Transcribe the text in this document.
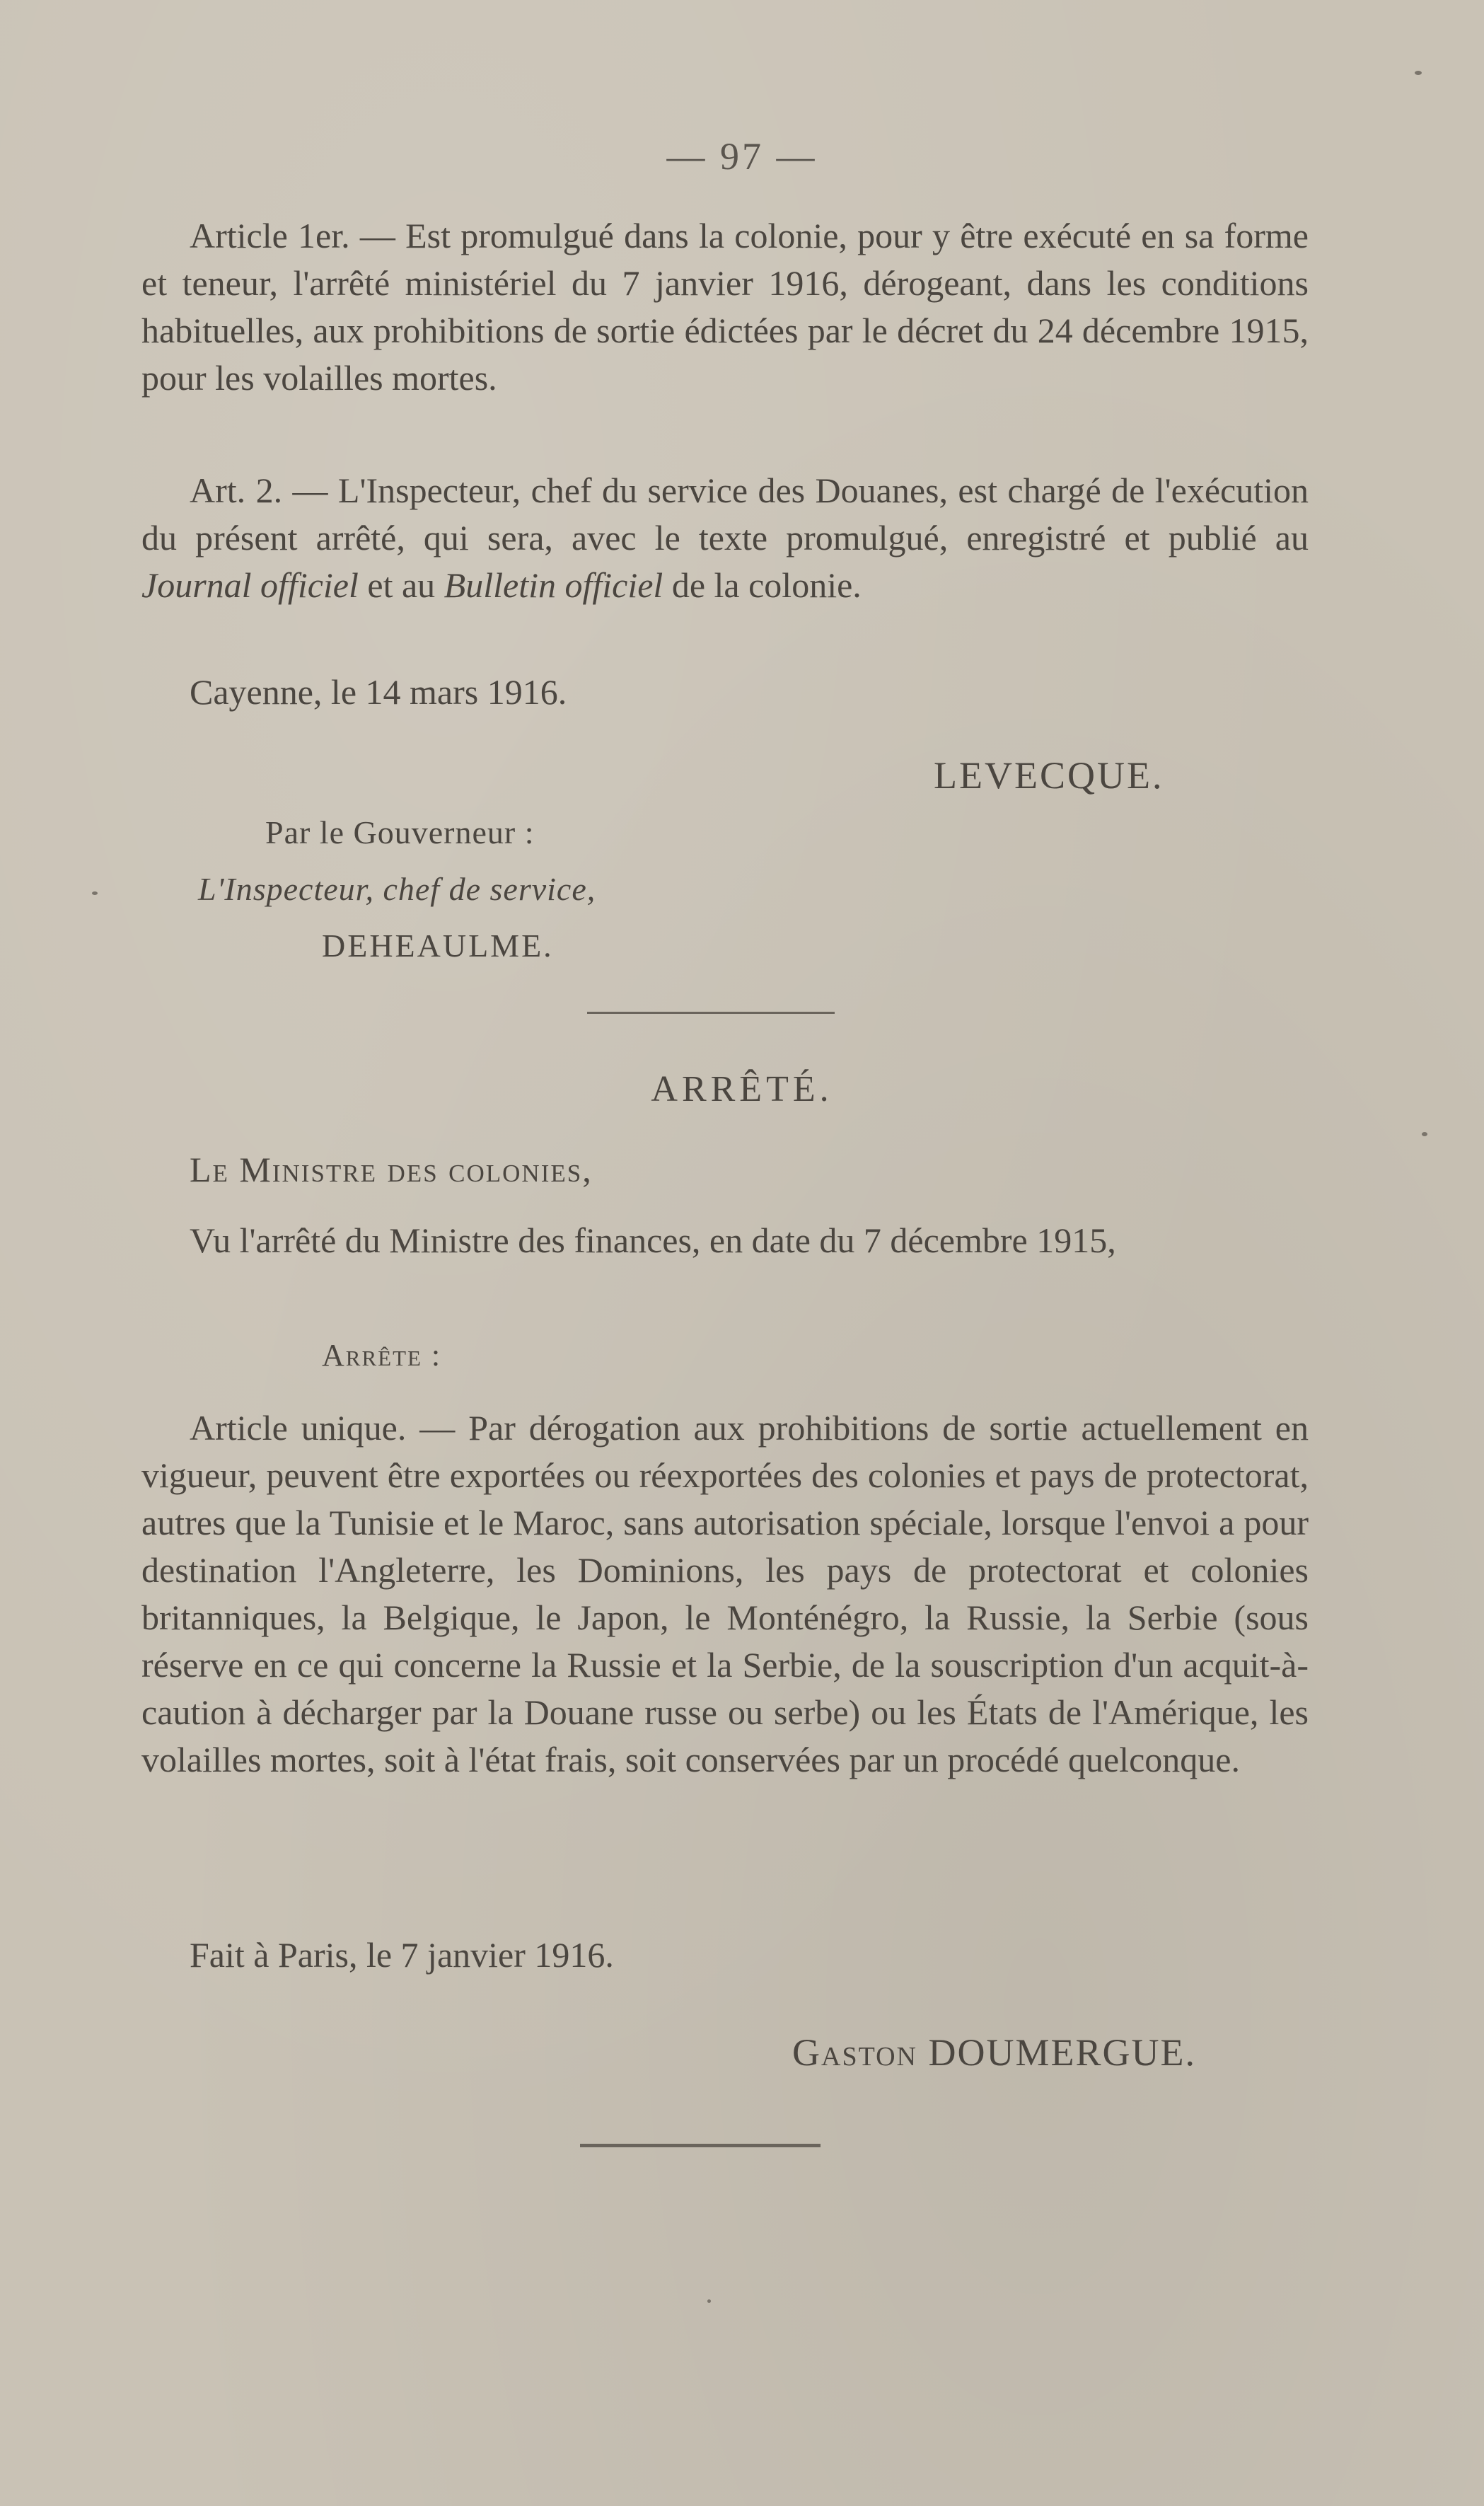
— 97 —

Article 1er. — Est promulgué dans la colonie, pour y être exécuté en sa forme et teneur, l'arrêté ministériel du 7 janvier 1916, dérogeant, dans les conditions habituelles, aux prohibitions de sortie édictées par le décret du 24 décembre 1915, pour les volailles mortes.

Art. 2. — L'Inspecteur, chef du service des Douanes, est chargé de l'exécution du présent arrêté, qui sera, avec le texte promulgué, enregistré et publié au Journal officiel et au Bulletin officiel de la colonie.

Cayenne, le 14 mars 1916.

LEVECQUE.
Par le Gouverneur :
L'Inspecteur, chef de service,
DEHEAULME.
ARRÊTÉ.

Le Ministre des colonies,

Vu l'arrêté du Ministre des finances, en date du 7 décembre 1915,

Arrête :

Article unique. — Par dérogation aux prohibitions de sortie actuellement en vigueur, peuvent être exportées ou réexportées des colonies et pays de protectorat, autres que la Tunisie et le Maroc, sans autorisation spéciale, lorsque l'envoi a pour destination l'Angleterre, les Dominions, les pays de protectorat et colonies britanniques, la Belgique, le Japon, le Monténégro, la Russie, la Serbie (sous réserve en ce qui concerne la Russie et la Serbie, de la souscription d'un acquit-à-caution à décharger par la Douane russe ou serbe) ou les États de l'Amérique, les volailles mortes, soit à l'état frais, soit conservées par un procédé quelconque.

Fait à Paris, le 7 janvier 1916.

Gaston DOUMERGUE.
